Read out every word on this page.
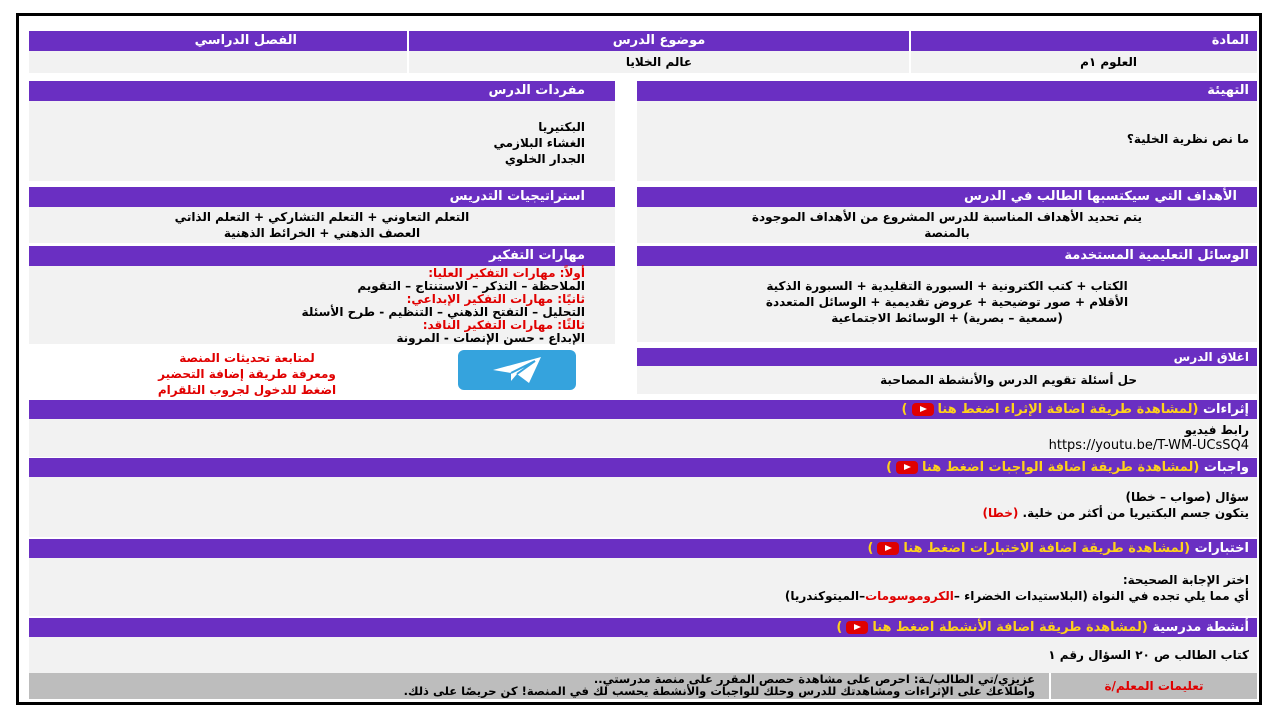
المادة
العلوم ١م
موضوع الدرس
عالم الخلايا
الفصل الدراسي
التهيئة
ما نص نظرية الخلية؟
مفردات الدرس
البكتيريا
الغشاء البلازمي
الجدار الخلوي
الأهداف التي سيكتسبها الطالب في الدرس
يتم تحديد الأهداف المناسبة للدرس المشروع من الأهداف الموجودة
بالمنصة
استراتيجيات التدريس
التعلم التعاوني + التعلم التشاركي + التعلم الذاتي
العصف الذهني + الخرائط الذهنية
الوسائل التعليمية المستخدمة
الكتاب + كتب الكترونية + السبورة التقليدية + السبورة الذكية
الأقلام + صور توضيحية + عروض تقديمية + الوسائل المتعددة
(سمعية – بصرية) + الوسائط الاجتماعية
مهارات التفكير
أولاً: مهارات التفكير العليا:
الملاحظة – التذكر – الاستنتاج – التقويم
ثانيًا: مهارات التفكير الإبداعي:
التحليل – التفتح الذهني – التنظيم - طرح الأسئلة
ثالثًا: مهارات التفكير الناقد:
الإبداع - حسن الإنصات - المرونة
لمتابعة تحديثات المنصة
ومعرفة طريقة إضافة التحضير
اضغط للدخول لجروب التلقرام
اغلاق الدرس
حل أسئلة تقويم الدرس والأنشطة المصاحبة
إثراءات (لمشاهدة طريقة اضافة الإثراء اضغط هنا)
رابط فيديو
https://youtu.be/T-WM-UCsSQ4
واجبات (لمشاهدة طريقة اضافة الواجبات اضغط هنا)
سؤال (صواب – خطا)
يتكون جسم البكتيريا من أكثر من خلية. (خطا)
اختبارات (لمشاهدة طريقة اضافة الاختبارات اضغط هنا)
اختر الإجابة الصحيحة:
أي مما يلي تجده في النواة (البلاستيدات الخضراء –الكروموسومات–الميتوكندريا)
أنشطة مدرسية (لمشاهدة طريقة اضافة الأنشطة اضغط هنا)
كتاب الطالب ص ٢٠ السؤال رقم ١
تعليمات المعلم/ة
عزيزي/تي الطالب/ـة: احرص على مشاهدة حصص المقرر على منصة مدرستي..
واطلاعك على الإثراءات ومشاهدتك للدرس وحلك للواجبات والأنشطة يحسب لك في المنصة! كن حريصًا على ذلك.
